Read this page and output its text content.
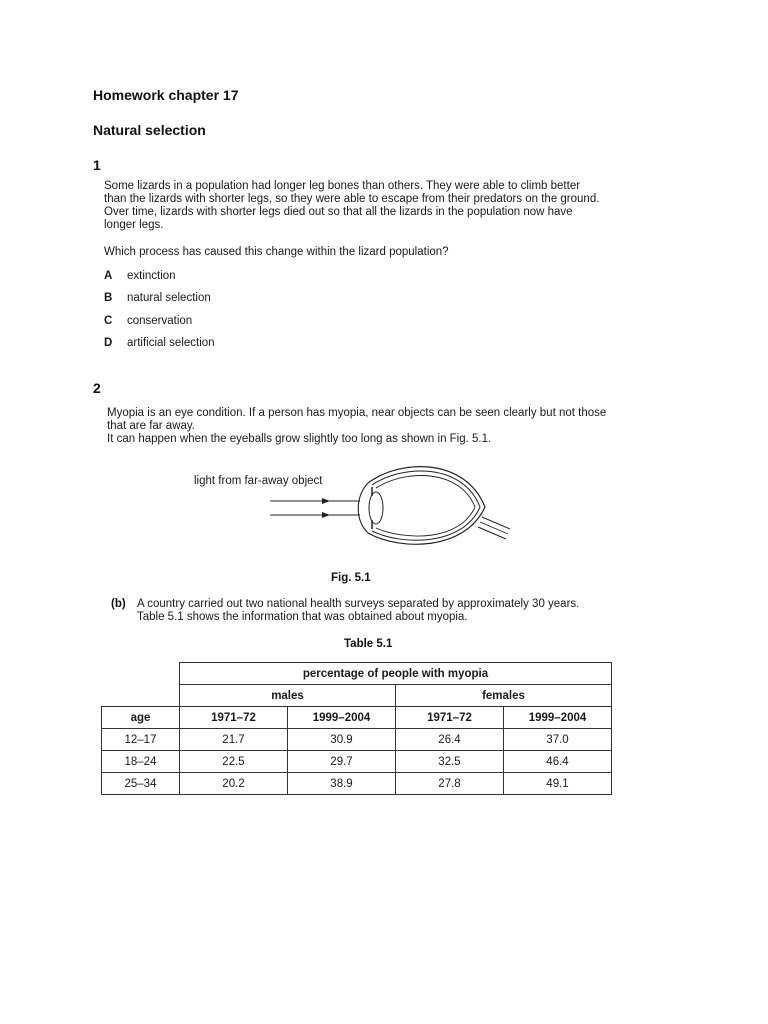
Homework chapter 17
Natural selection
1
Some lizards in a population had longer leg bones than others. They were able to climb better
than the lizards with shorter legs, so they were able to escape from their predators on the ground.
Over time, lizards with shorter legs died out so that all the lizards in the population now have
longer legs.
Which process has caused this change within the lizard population?
A extinction
B natural selection
C conservation
D artificial selection
2
Myopia is an eye condition. If a person has myopia, near objects can be seen clearly but not those
that are far away.
It can happen when the eyeballs grow slightly too long as shown in Fig. 5.1.
light from far-away object
Fig. 5.1
(b) A country carried out two national health surveys separated by approximately 30 years.
Table 5.1 shows the information that was obtained about myopia.
Table 5.1
	percentage of people with myopia			
	males		females	
age	1971–72	1999–2004	1971–72	1999–2004
12–17	21.7	30.9	26.4	37.0
18–24	22.5	29.7	32.5	46.4
25–34	20.2	38.9	27.8	49.1
